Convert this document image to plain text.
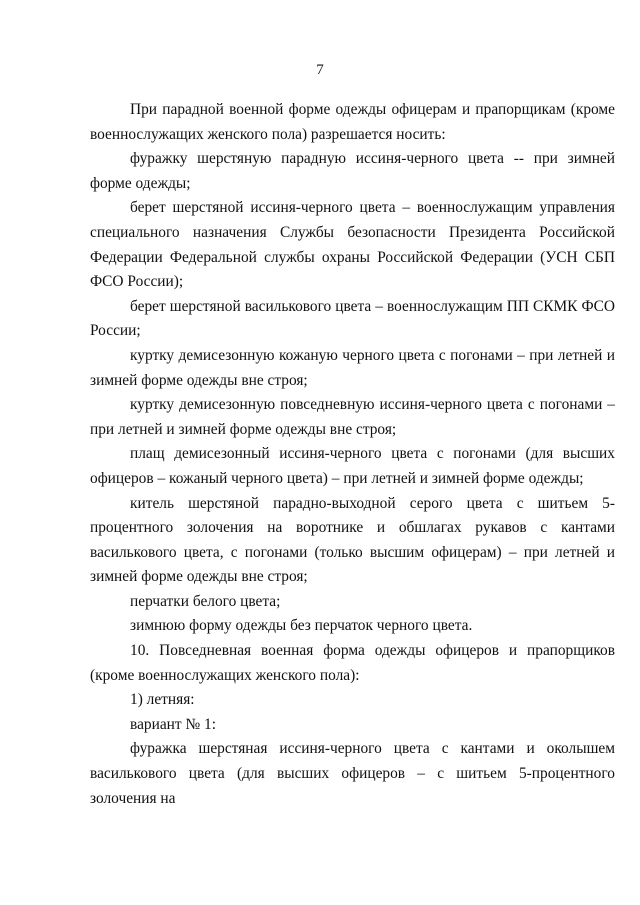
7

При парадной военной форме одежды офицерам и прапорщикам (кроме военнослужащих женского пола) разрешается носить:

фуражку шерстяную парадную иссиня-черного цвета -- при зимней форме одежды;

берет шерстяной иссиня-черного цвета – военнослужащим управления специального назначения Службы безопасности Президента Российской Федерации Федеральной службы охраны Российской Федерации (УСН СБП ФСО России);

берет шерстяной василькового цвета – военнослужащим ПП СКМК ФСО России;

куртку демисезонную кожаную черного цвета с погонами – при летней и зимней форме одежды вне строя;

куртку демисезонную повседневную иссиня-черного цвета с погонами – при летней и зимней форме одежды вне строя;

плащ демисезонный иссиня-черного цвета с погонами (для высших офицеров – кожаный черного цвета) – при летней и зимней форме одежды;

китель шерстяной парадно-выходной серого цвета с шитьем 5-процентного золочения на воротнике и обшлагах рукавов с кантами василькового цвета, с погонами (только высшим офицерам) – при летней и зимней форме одежды вне строя;

перчатки белого цвета;

зимнюю форму одежды без перчаток черного цвета.

10. Повседневная военная форма одежды офицеров и прапорщиков (кроме военнослужащих женского пола):

1) летняя:

вариант № 1:

фуражка шерстяная иссиня-черного цвета с кантами и околышем василькового цвета (для высших офицеров – с шитьем 5-процентного золочения на
